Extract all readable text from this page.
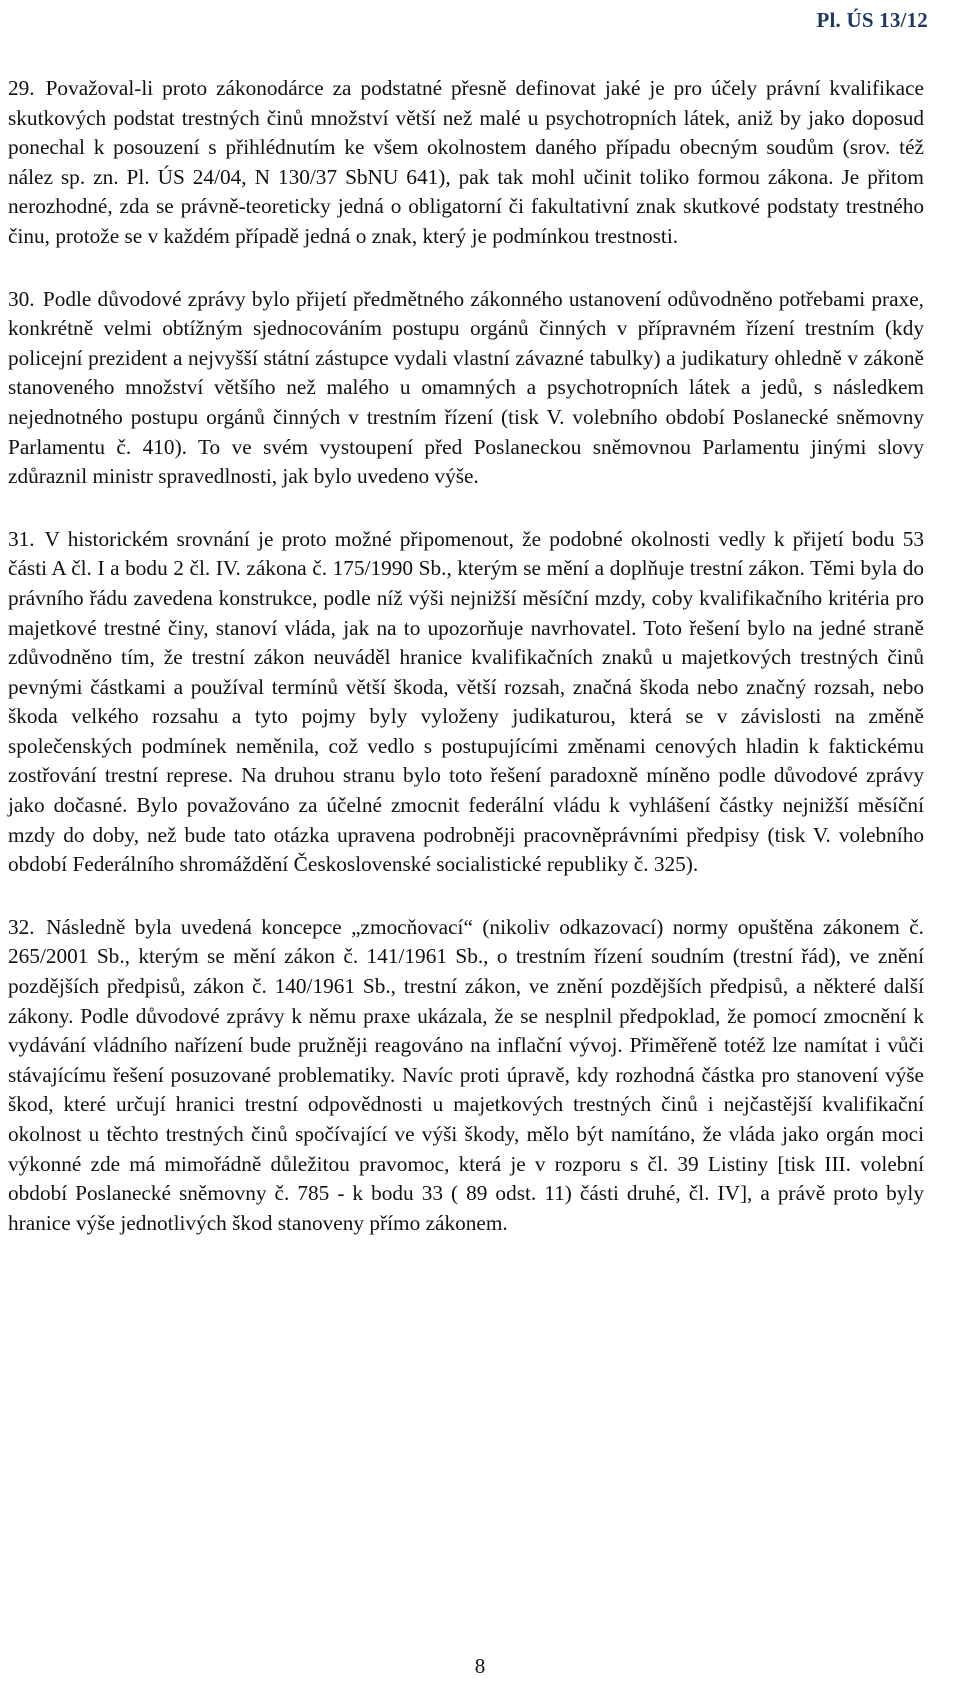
Pl. ÚS 13/12

29. Považoval-li proto zákonodárce za podstatné přesně definovat jaké je pro účely právní kvalifikace skutkových podstat trestných činů množství větší než malé u psychotropních látek, aniž by jako doposud ponechal k posouzení s přihlédnutím ke všem okolnostem daného případu obecným soudům (srov. též nález sp. zn. Pl. ÚS 24/04, N 130/37 SbNU 641), pak tak mohl učinit toliko formou zákona. Je přitom nerozhodné, zda se právně-teoreticky jedná o obligatorní či fakultativní znak skutkové podstaty trestného činu, protože se v každém případě jedná o znak, který je podmínkou trestnosti.

30. Podle důvodové zprávy bylo přijetí předmětného zákonného ustanovení odůvodněno potřebami praxe, konkrétně velmi obtížným sjednocováním postupu orgánů činných v přípravném řízení trestním (kdy policejní prezident a nejvyšší státní zástupce vydali vlastní závazné tabulky) a judikatury ohledně v zákoně stanoveného množství většího než malého u omamných a psychotropních látek a jedů, s následkem nejednotného postupu orgánů činných v trestním řízení (tisk V. volebního období Poslanecké sněmovny Parlamentu č. 410). To ve svém vystoupení před Poslaneckou sněmovnou Parlamentu jinými slovy zdůraznil ministr spravedlnosti, jak bylo uvedeno výše.

31. V historickém srovnání je proto možné připomenout, že podobné okolnosti vedly k přijetí bodu 53 části A čl. I a bodu 2 čl. IV. zákona č. 175/1990 Sb., kterým se mění a doplňuje trestní zákon. Těmi byla do právního řádu zavedena konstrukce, podle níž výši nejnižší měsíční mzdy, coby kvalifikačního kritéria pro majetkové trestné činy, stanoví vláda, jak na to upozorňuje navrhovatel. Toto řešení bylo na jedné straně zdůvodněno tím, že trestní zákon neuváděl hranice kvalifikačních znaků u majetkových trestných činů pevnými částkami a používal termínů větší škoda, větší rozsah, značná škoda nebo značný rozsah, nebo škoda velkého rozsahu a tyto pojmy byly vyloženy judikaturou, která se v závislosti na změně společenských podmínek neměnila, což vedlo s postupujícími změnami cenových hladin k faktickému zostřování trestní represe. Na druhou stranu bylo toto řešení paradoxně míněno podle důvodové zprávy jako dočasné. Bylo považováno za účelné zmocnit federální vládu k vyhlášení částky nejnižší měsíční mzdy do doby, než bude tato otázka upravena podrobněji pracovněprávními předpisy (tisk V. volebního období Federálního shromáždění Československé socialistické republiky č. 325).

32. Následně byla uvedená koncepce „zmocňovací“ (nikoliv odkazovací) normy opuštěna zákonem č. 265/2001 Sb., kterým se mění zákon č. 141/1961 Sb., o trestním řízení soudním (trestní řád), ve znění pozdějších předpisů, zákon č. 140/1961 Sb., trestní zákon, ve znění pozdějších předpisů, a některé další zákony. Podle důvodové zprávy k němu praxe ukázala, že se nesplnil předpoklad, že pomocí zmocnění k vydávání vládního nařízení bude pružněji reagováno na inflační vývoj. Přiměřeně totéž lze namítat i vůči stávajícímu řešení posuzované problematiky. Navíc proti úpravě, kdy rozhodná částka pro stanovení výše škod, které určují hranici trestní odpovědnosti u majetkových trestných činů i nejčastější kvalifikační okolnost u těchto trestných činů spočívající ve výši škody, mělo být namítáno, že vláda jako orgán moci výkonné zde má mimořádně důležitou pravomoc, která je v rozporu s čl. 39 Listiny [tisk III. volební období Poslanecké sněmovny č. 785 - k bodu 33 ( 89 odst. 11) části druhé, čl. IV], a právě proto byly hranice výše jednotlivých škod stanoveny přímo zákonem.

8
